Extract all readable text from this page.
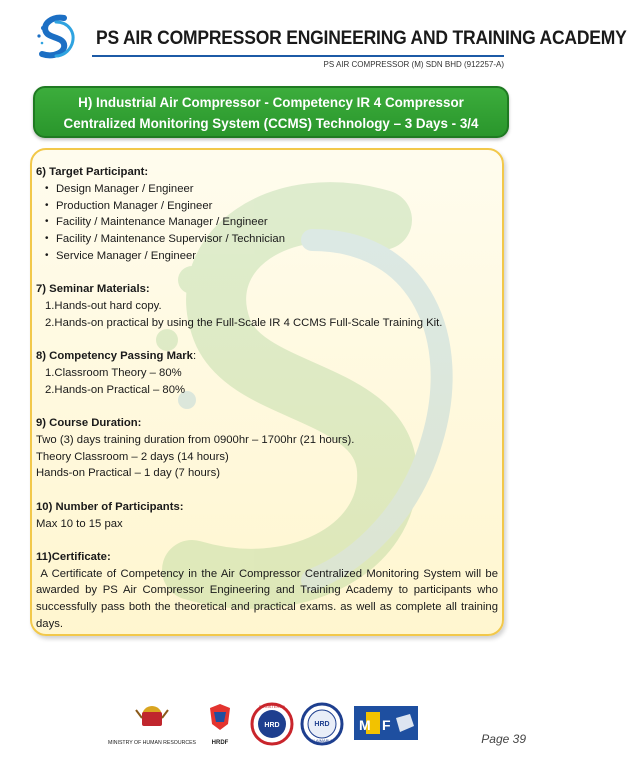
PS AIR COMPRESSOR ENGINEERING AND TRAINING ACADEMY
PS AIR COMPRESSOR (M) SDN BHD (912257-A)
H) Industrial Air Compressor - Competency IR 4 Compressor
Centralized Monitoring System (CCMS) Technology – 3 Days - 3/4
6) Target Participant:
• Design Manager / Engineer
• Production Manager / Engineer
• Facility / Maintenance Manager / Engineer
• Facility / Maintenance Supervisor / Technician
• Service Manager / Engineer
7) Seminar Materials:
1.Hands-out hard copy.
2.Hands-on practical by using the Full-Scale IR 4 CCMS Full-Scale Training Kit.
8) Competency Passing Mark:
1.Classroom Theory – 80%
2.Hands-on Practical – 80%
9) Course Duration:
Two (3) days training duration from 0900hr – 1700hr (21 hours).
Theory Classroom – 2 days (14 hours)
Hands-on Practical – 1 day (7 hours)
10) Number of Participants:
Max 10 to 15 pax
11)Certificate:
A Certificate of Competency in the Air Compressor Centralized Monitoring System will be awarded by PS Air Compressor Engineering and Training Academy to participants who successfully pass both the theoretical and practical exams. as well as complete all training days.
MINISTRY OF HUMAN RESOURCES	HRDF
HRD
REGISTERED
HRD
CLAIMABLE
M F
Page 39
